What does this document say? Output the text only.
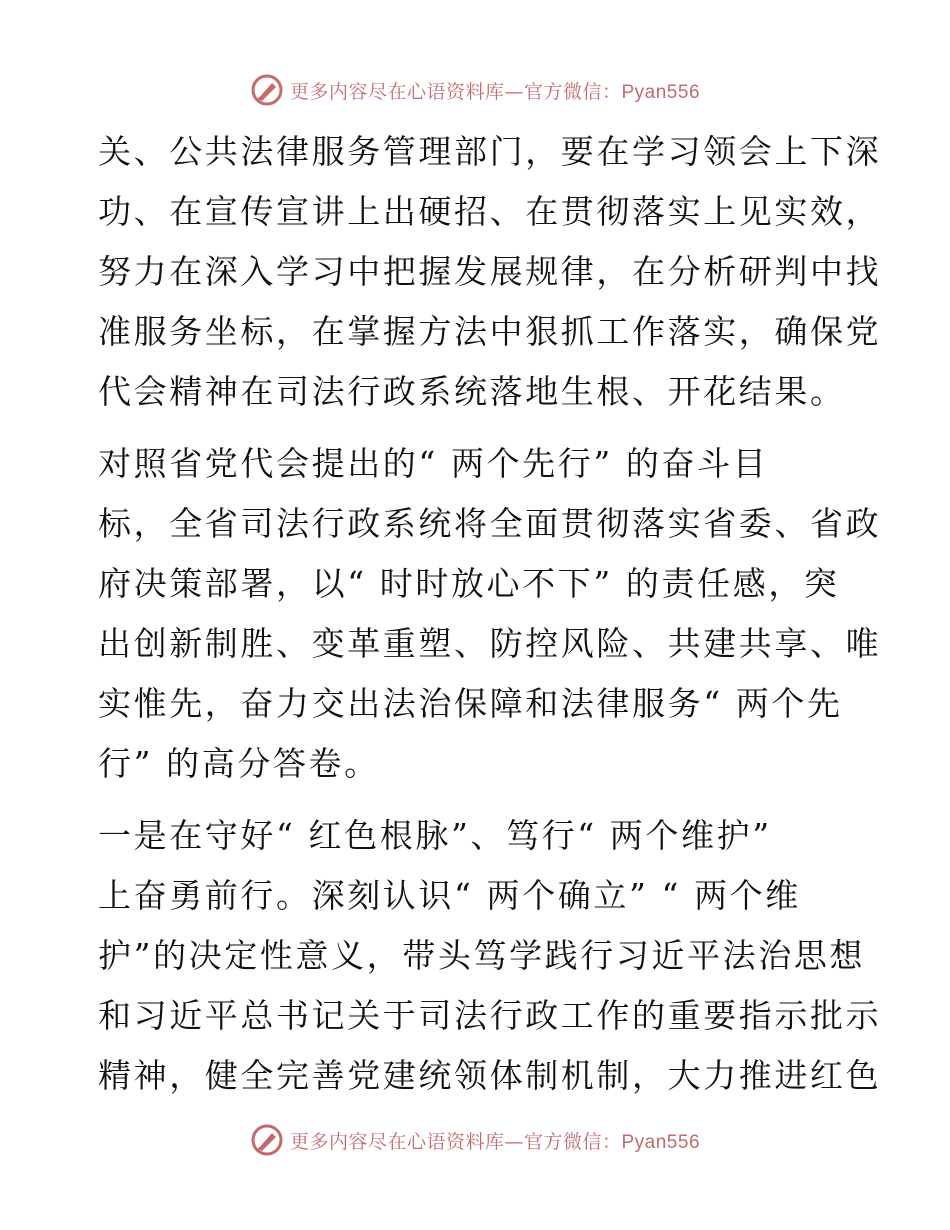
更多内容尽在心语资料库—官方微信：Pyan556

关、公共法律服务管理部门，要在学习领会上下深
功、在宣传宣讲上出硬招、在贯彻落实上见实效，
努力在深入学习中把握发展规律，在分析研判中找
准服务坐标，在掌握方法中狠抓工作落实，确保党
代会精神在司法行政系统落地生根、开花结果。

对照省党代会提出的“ 两个先行” 的奋斗目
标，全省司法行政系统将全面贯彻落实省委、省政
府决策部署，以“ 时时放心不下” 的责任感，突
出创新制胜、变革重塑、防控风险、共建共享、唯
实惟先，奋力交出法治保障和法律服务“ 两个先
行” 的高分答卷。

一是在守好“ 红色根脉”、笃行“ 两个维护”
上奋勇前行。深刻认识“ 两个确立” “ 两个维
护”的决定性意义，带头笃学践行习近平法治思想
和习近平总书记关于司法行政工作的重要指示批示
精神，健全完善党建统领体制机制，大力推进红色

更多内容尽在心语资料库—官方微信：Pyan556
